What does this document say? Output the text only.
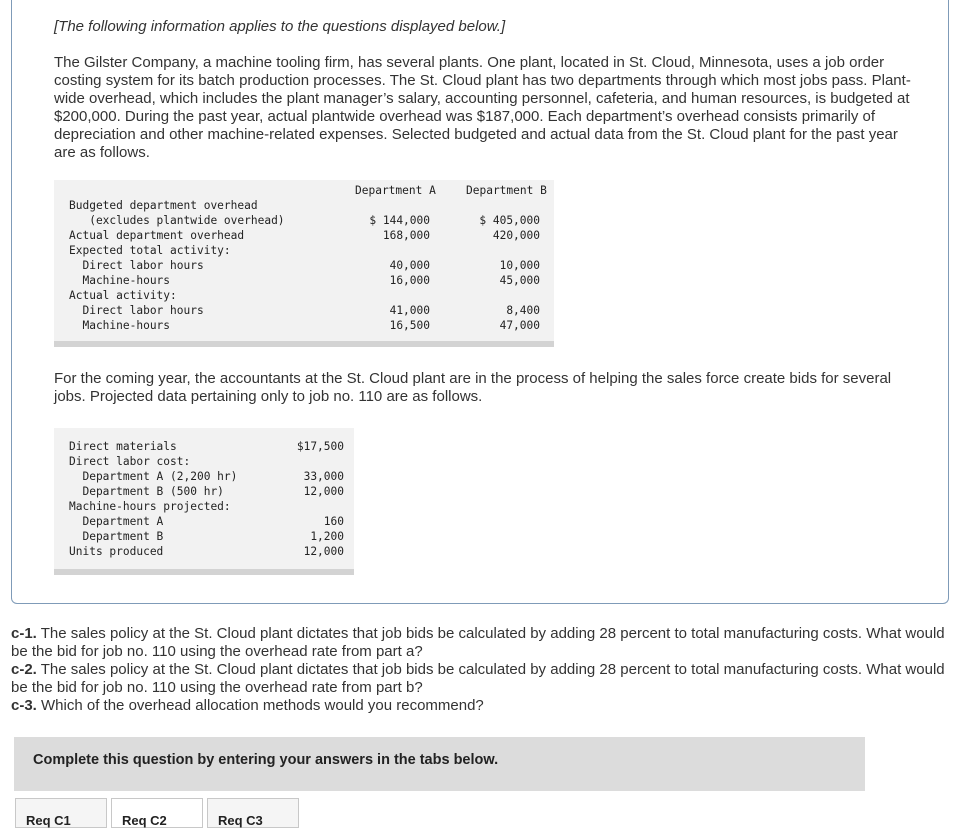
[The following information applies to the questions displayed below.]

The Gilster Company, a machine tooling firm, has several plants. One plant, located in St. Cloud, Minnesota, uses a job order costing system for its batch production processes. The St. Cloud plant has two departments through which most jobs pass. Plant-wide overhead, which includes the plant manager’s salary, accounting personnel, cafeteria, and human resources, is budgeted at $200,000. During the past year, actual plantwide overhead was $187,000. Each department’s overhead consists primarily of depreciation and other machine-related expenses. Selected budgeted and actual data from the St. Cloud plant for the past year are as follows.

Department A	Department B
Budgeted department overhead
(excludes plantwide overhead)	$ 144,000	$ 405,000
Actual department overhead	168,000	420,000
Expected total activity:
Direct labor hours	40,000	10,000
Machine-hours	16,000	45,000
Actual activity:
Direct labor hours	41,000	8,400
Machine-hours	16,500	47,000

For the coming year, the accountants at the St. Cloud plant are in the process of helping the sales force create bids for several jobs. Projected data pertaining only to job no. 110 are as follows.

Direct materials	$17,500
Direct labor cost:
Department A (2,200 hr)	33,000
Department B (500 hr)	12,000
Machine-hours projected:
Department A	160
Department B	1,200
Units produced	12,000

c-1. The sales policy at the St. Cloud plant dictates that job bids be calculated by adding 28 percent to total manufacturing costs. What would be the bid for job no. 110 using the overhead rate from part a?

c-2. The sales policy at the St. Cloud plant dictates that job bids be calculated by adding 28 percent to total manufacturing costs. What would be the bid for job no. 110 using the overhead rate from part b?

c-3. Which of the overhead allocation methods would you recommend?

Complete this question by entering your answers in the tabs below.
Req C1	Req C2	Req C3
